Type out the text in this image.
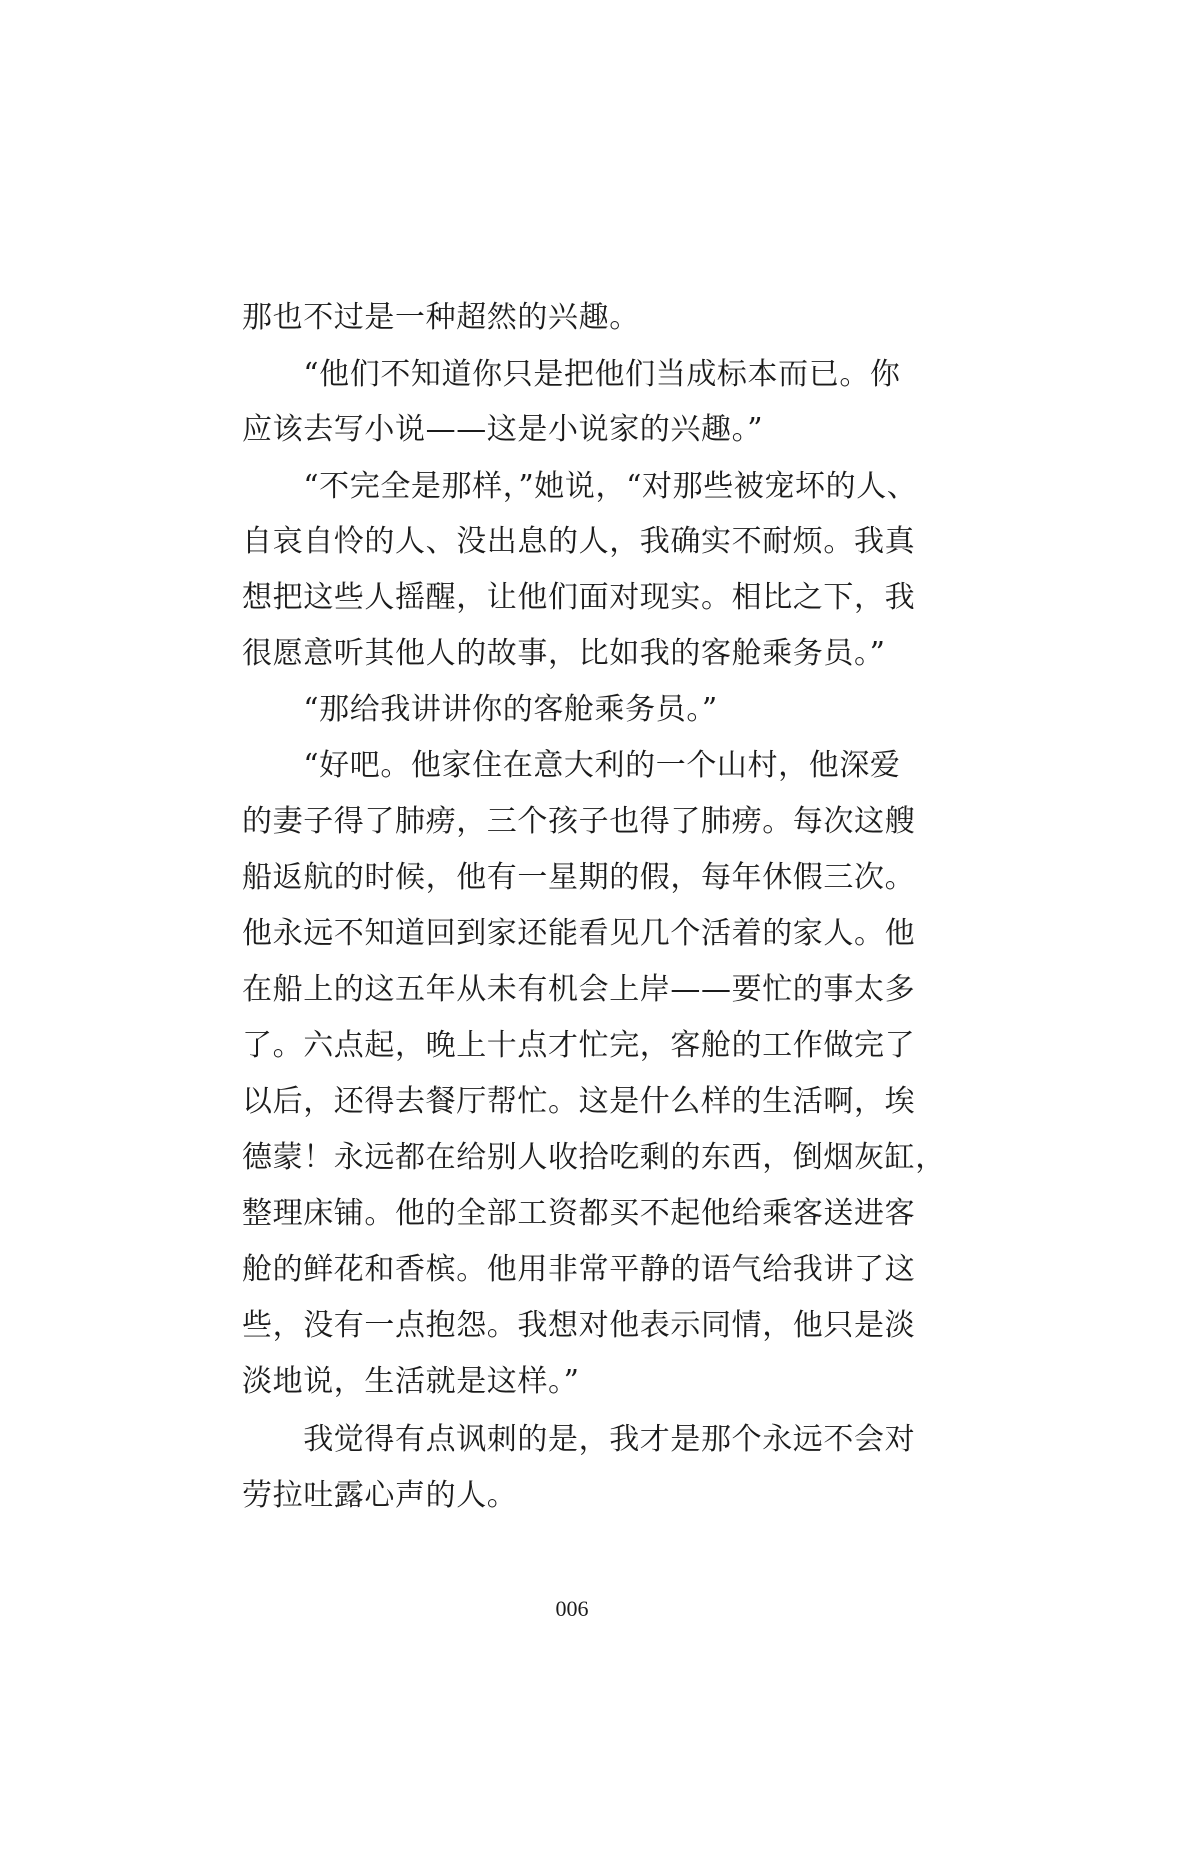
那也不过是一种超然的兴趣。
　　“他们不知道你只是把他们当成标本而已。你
应该去写小说——这是小说家的兴趣。”
　　“不完全是那样，”她说，“对那些被宠坏的人、
自哀自怜的人、没出息的人，我确实不耐烦。我真
想把这些人摇醒，让他们面对现实。相比之下，我
很愿意听其他人的故事，比如我的客舱乘务员。”
　　“那给我讲讲你的客舱乘务员。”
　　“好吧。他家住在意大利的一个山村，他深爱
的妻子得了肺痨，三个孩子也得了肺痨。每次这艘
船返航的时候，他有一星期的假，每年休假三次。
他永远不知道回到家还能看见几个活着的家人。他
在船上的这五年从未有机会上岸——要忙的事太多
了。六点起，晚上十点才忙完，客舱的工作做完了
以后，还得去餐厅帮忙。这是什么样的生活啊，埃
德蒙！永远都在给别人收拾吃剩的东西，倒烟灰缸，
整理床铺。他的全部工资都买不起他给乘客送进客
舱的鲜花和香槟。他用非常平静的语气给我讲了这
些，没有一点抱怨。我想对他表示同情，他只是淡
淡地说，生活就是这样。”
　　我觉得有点讽刺的是，我才是那个永远不会对
劳拉吐露心声的人。
006
